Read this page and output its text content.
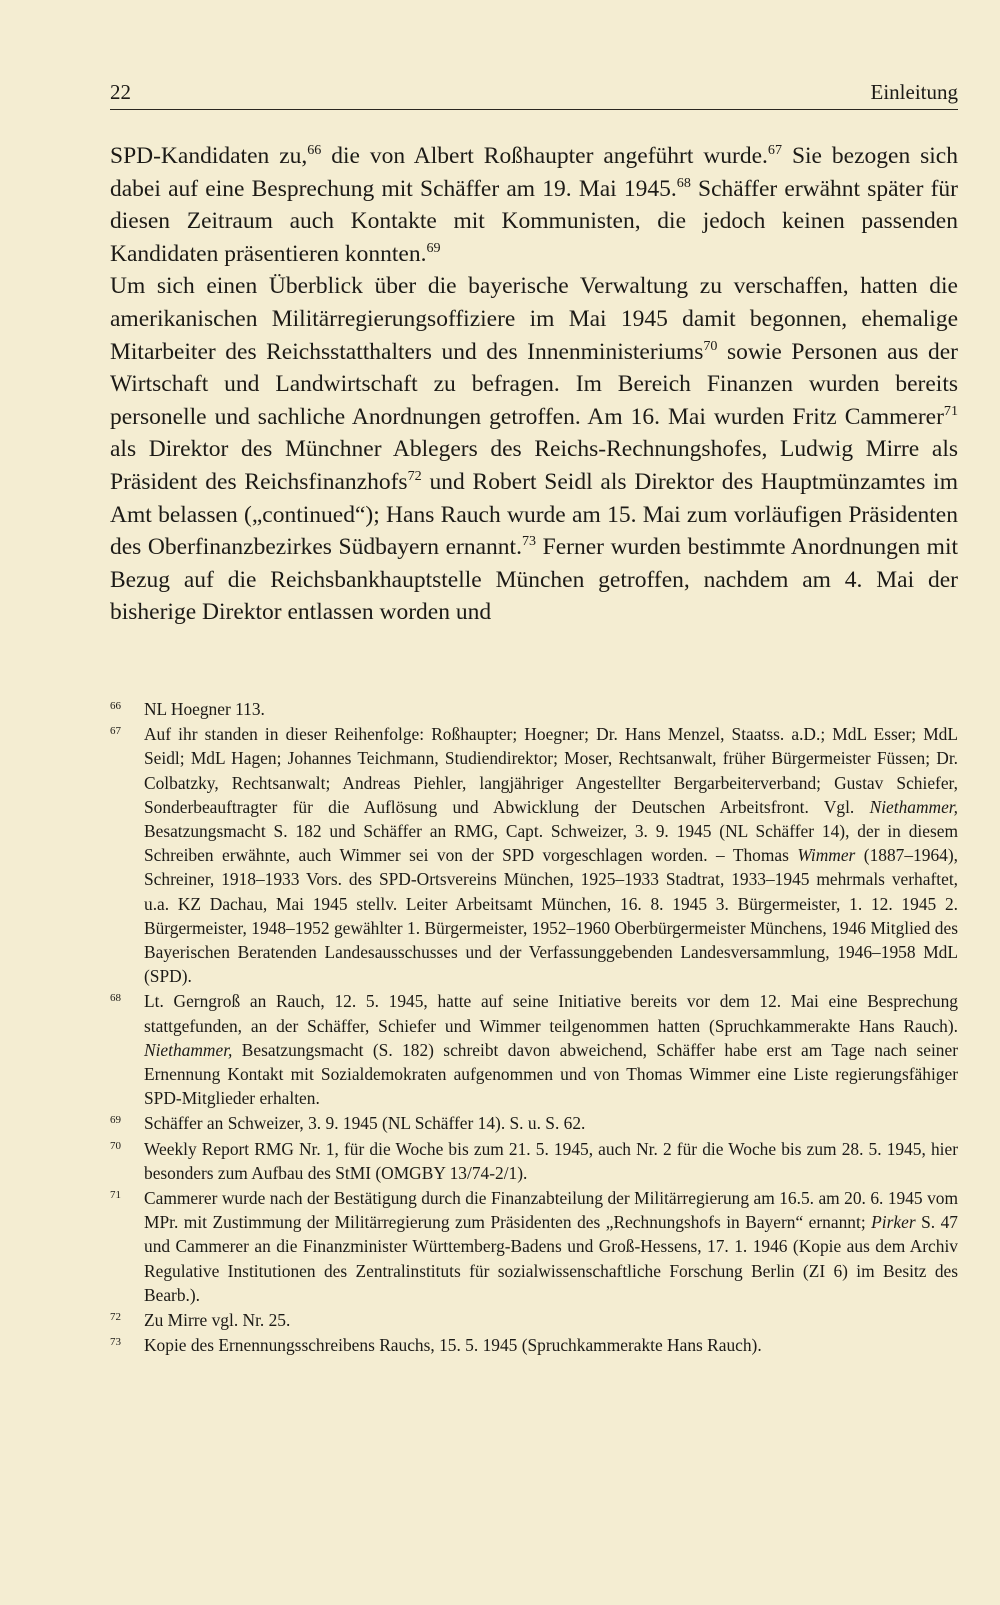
22	Einleitung

SPD-Kandidaten zu,$^{66}$ die von Albert Roßhaupter angeführt wurde.$^{67}$ Sie bezogen sich dabei auf eine Besprechung mit Schäffer am 19. Mai 1945.68 Schäffer erwähnt später für diesen Zeitraum auch Kontakte mit Kommunisten, die jedoch keinen passenden Kandidaten präsentieren konnten.$^{69}$

Um sich einen Überblick über die bayerische Verwaltung zu verschaffen, hatten die amerikanischen Militärregierungsoffiziere im Mai 1945 damit begonnen, ehemalige Mitarbeiter des Reichsstatthalters und des Innenministeriums$^{70}$ sowie Personen aus der Wirtschaft und Landwirtschaft zu befragen. Im Bereich Finanzen wurden bereits personelle und sachliche Anordnungen getroffen. Am 16. Mai wurden Fritz Cammerer$^{71}$ als Direktor des Münchner Ablegers des Reichs-Rechnungshofes, Ludwig Mirre als Präsident des Reichsfinanzhofs$^{72}$ und Robert Seidl als Direktor des Hauptmünzamtes im Amt belassen („continued“); Hans Rauch wurde am 15. Mai zum vorläufigen Präsidenten des Oberfinanzbezirkes Südbayern ernannt.$^{73}$ Ferner wurden bestimmte Anordnungen mit Bezug auf die Reichsbankhauptstelle München getroffen, nachdem am 4. Mai der bisherige Direktor entlassen worden und

66	NL Hoegner 113.
67	Auf ihr standen in dieser Reihenfolge: Roßhaupter; Hoegner; Dr. Hans Menzel, Staatss. a.D.; MdL Esser; MdL Seidl; MdL Hagen; Johannes Teichmann, Studiendirektor; Moser, Rechtsanwalt, früher Bürgermeister Füssen; Dr. Colbatzky, Rechtsanwalt; Andreas Piehler, langjähriger Angestellter Bergarbeiterverband; Gustav Schiefer, Sonderbeauftragter für die Auflösung und Abwicklung der Deutschen Arbeitsfront. Vgl. Niethammer, Besatzungsmacht S. 182 und Schäffer an RMG, Capt. Schweizer, 3. 9. 1945 (NL Schäffer 14), der in diesem Schreiben erwähnte, auch Wimmer sei von der SPD vorgeschlagen worden. – Thomas Wimmer (1887–1964), Schreiner, 1918–1933 Vors. des SPD-Ortsvereins München, 1925–1933 Stadtrat, 1933–1945 mehrmals verhaftet, u.a. KZ Dachau, Mai 1945 stellv. Leiter Arbeitsamt München, 16. 8. 1945 3. Bürgermeister, 1. 12. 1945 2. Bürgermeister, 1948–1952 gewählter 1. Bürgermeister, 1952–1960 Oberbürgermeister Münchens, 1946 Mitglied des Bayerischen Beratenden Landesausschusses und der Verfassunggebenden Landesversammlung, 1946–1958 MdL (SPD).
68	Lt. Gerngroß an Rauch, 12. 5. 1945, hatte auf seine Initiative bereits vor dem 12. Mai eine Besprechung stattgefunden, an der Schäffer, Schiefer und Wimmer teilgenommen hatten (Spruchkammerakte Hans Rauch). Niethammer, Besatzungsmacht (S. 182) schreibt davon abweichend, Schäffer habe erst am Tage nach seiner Ernennung Kontakt mit Sozialdemokraten aufgenommen und von Thomas Wimmer eine Liste regierungsfähiger SPD-Mitglieder erhalten.
69	Schäffer an Schweizer, 3. 9. 1945 (NL Schäffer 14). S. u. S. 62.
70	Weekly Report RMG Nr. 1, für die Woche bis zum 21. 5. 1945, auch Nr. 2 für die Woche bis zum 28. 5. 1945, hier besonders zum Aufbau des StMI (OMGBY 13/74-2/1).
71	Cammerer wurde nach der Bestätigung durch die Finanzabteilung der Militärregierung am 16.5. am 20. 6. 1945 vom MPr. mit Zustimmung der Militärregierung zum Präsidenten des „Rechnungshofs in Bayern“ ernannt; Pirker S. 47 und Cammerer an die Finanzminister Württemberg-Badens und Groß-Hessens, 17. 1. 1946 (Kopie aus dem Archiv Regulative Institutionen des Zentralinstituts für sozialwissenschaftliche Forschung Berlin (ZI 6) im Besitz des Bearb.).
72	Zu Mirre vgl. Nr. 25.
73	Kopie des Ernennungsschreibens Rauchs, 15. 5. 1945 (Spruchkammerakte Hans Rauch).
